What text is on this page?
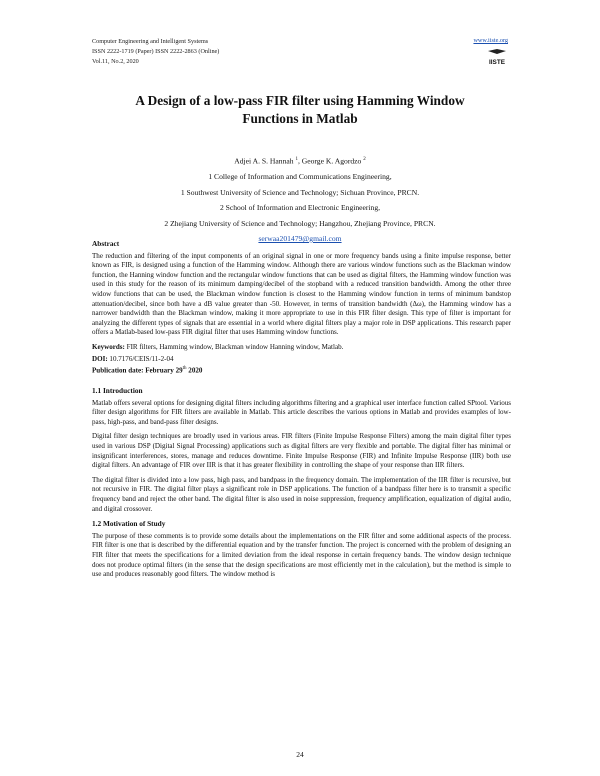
Computer Engineering and Intelligent Systems
ISSN 2222-1719 (Paper) ISSN 2222-2863 (Online)
Vol.11, No.2, 2020
www.iiste.org
IISTE
A Design of a low-pass FIR filter using Hamming Window
Functions in Matlab
Adjei A. S. Hannah $^1$, George K. Agordzo $^2$
1 College of Information and Communications Engineering,
1 Southwest University of Science and Technology; Sichuan Province, PRCN.
2 School of Information and Electronic Engineering,
2 Zhejiang University of Science and Technology; Hangzhou, Zhejiang Province, PRCN.
serwaa201479@gmail.com
Abstract

The reduction and filtering of the input components of an original signal in one or more frequency bands using a finite impulse response, better known as FIR, is designed using a function of the Hamming window. Although there are various window functions such as the Blackman window function, the Hanning window function and the rectangular window functions that can be used as digital filters, the Hamming window function was used in this study for the reason of its minimum damping/decibel of the stopband with a reduced transition bandwidth. Among the other three widow functions that can be used, the Blackman window function is closest to the Hamming window function in terms of minimum bandstop attenuation/decibel, since both have a dB value greater than -50. However, in terms of transition bandwidth (Δω), the Hamming window has a narrower bandwidth than the Blackman window, making it more appropriate to use in this FIR filter design. This type of filter is important for analyzing the different types of signals that are essential in a world where digital filters play a major role in DSP applications. This research paper offers a Matlab-based low-pass FIR digital filter that uses Hamming window functions.

Keywords: FIR filters, Hamming window, Blackman window Hanning window, Matlab.
DOI: 10.7176/CEIS/11-2-04
Publication date: February 29th 2020
1.1 Introduction

Matlab offers several options for designing digital filters including algorithms filtering and a graphical user interface function called SPtool. Various filter design algorithms for FIR filters are available in Matlab. This article describes the various options in Matlab and provides examples of low-pass, high-pass, and band-pass filter designs.

Digital filter design techniques are broadly used in various areas. FIR filters (Finite Impulse Response Filters) among the main digital filter types used in various DSP (Digital Signal Processing) applications such as digital filters are very flexible and portable. The digital filter has minimal or insignificant interferences, stores, manage and reduces downtime. Finite Impulse Response (FIR) and Infinite Impulse Response (IIR) both use digital filters. An advantage of FIR over IIR is that it has greater flexibility in controlling the shape of your response than IIR filters.

The digital filter is divided into a low pass, high pass, and bandpass in the frequency domain. The implementation of the IIR filter is recursive, but not recursive in FIR. The digital filter plays a significant role in DSP applications. The function of a bandpass filter here is to transmit a specific frequency band and reject the other band. The digital filter is also used in noise suppression, frequency amplification, equalization of digital audio, and digital crossover.

1.2 Motivation of Study

The purpose of these comments is to provide some details about the implementations on the FIR filter and some additional aspects of the process. FIR filter is one that is described by the differential equation and by the transfer function. The project is concerned with the problem of designing an FIR filter that meets the specifications for a limited deviation from the ideal response in certain frequency bands. The window design technique does not produce optimal filters (in the sense that the design specifications are most efficiently met in the calculation), but the method is simple to use and produces reasonably good filters. The window method is

24
